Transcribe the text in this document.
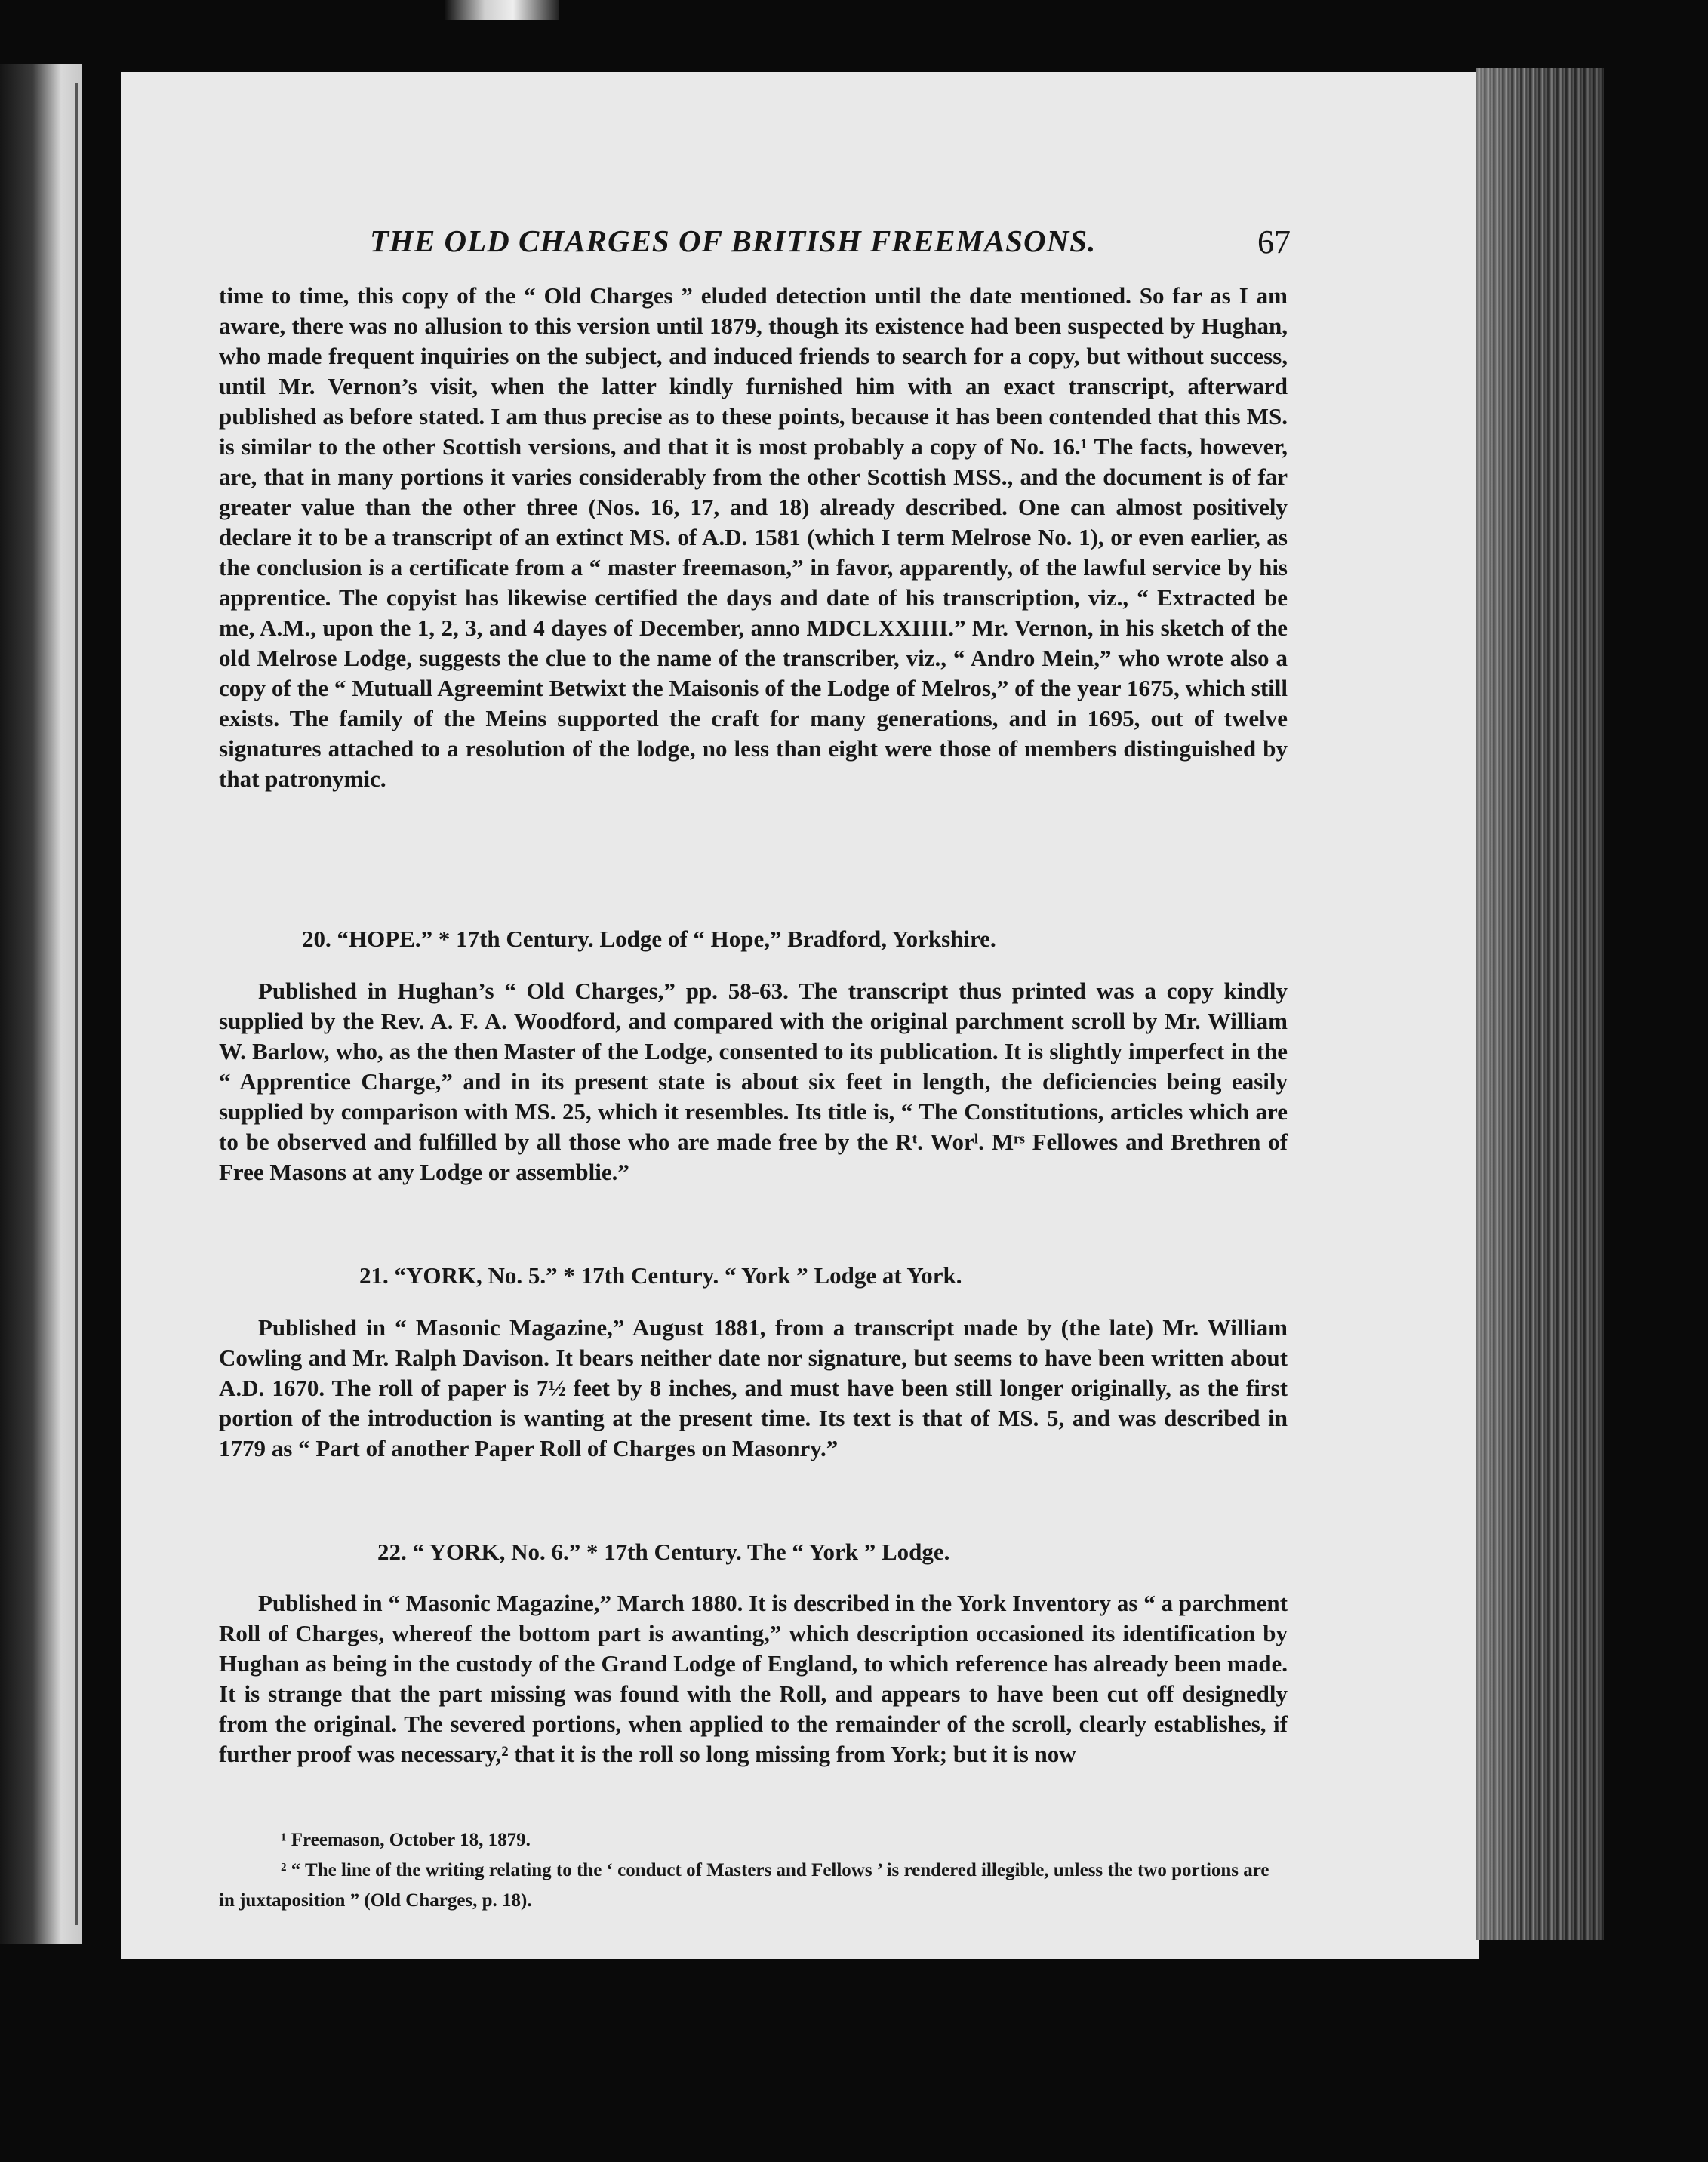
THE OLD CHARGES OF BRITISH FREEMASONS.	67
time to time, this copy of the “ Old Charges ” eluded detection until the date mentioned. So far as I am aware, there was no allusion to this version until 1879, though its existence had been suspected by Hughan, who made frequent inquiries on the subject, and induced friends to search for a copy, but without success, until Mr. Vernon’s visit, when the latter kindly furnished him with an exact transcript, afterward published as before stated. I am thus precise as to these points, because it has been contended that this MS. is similar to the other Scottish versions, and that it is most probably a copy of No. 16.¹ The facts, however, are, that in many portions it varies considerably from the other Scottish MSS., and the document is of far greater value than the other three (Nos. 16, 17, and 18) already described. One can almost positively declare it to be a transcript of an extinct MS. of A.D. 1581 (which I term Melrose No. 1), or even earlier, as the conclusion is a certificate from a “ master freemason,” in favor, apparently, of the lawful service by his apprentice. The copyist has likewise certified the days and date of his transcription, viz., “ Extracted be me, A.M., upon the 1, 2, 3, and 4 dayes of December, anno MDCLXXIIII.” Mr. Vernon, in his sketch of the old Melrose Lodge, suggests the clue to the name of the transcriber, viz., “ Andro Mein,” who wrote also a copy of the “ Mutuall Agreemint Betwixt the Maisonis of the Lodge of Melros,” of the year 1675, which still exists. The family of the Meins supported the craft for many generations, and in 1695, out of twelve signatures attached to a resolution of the lodge, no less than eight were those of members distinguished by that patronymic.
20. “HOPE.” * 17th Century. Lodge of “ Hope,” Bradford, Yorkshire.
Published in Hughan’s “ Old Charges,” pp. 58-63. The transcript thus printed was a copy kindly supplied by the Rev. A. F. A. Woodford, and compared with the original parchment scroll by Mr. William W. Barlow, who, as the then Master of the Lodge, consented to its publication. It is slightly imperfect in the “ Apprentice Charge,” and in its present state is about six feet in length, the deficiencies being easily supplied by comparison with MS. 25, which it resembles. Its title is, “ The Constitutions, articles which are to be observed and fulfilled by all those who are made free by the Rᵗ. Worˡ. Mʳˢ Fellowes and Brethren of Free Masons at any Lodge or assemblie.”
21. “YORK, No. 5.” * 17th Century. “ York ” Lodge at York.
Published in “ Masonic Magazine,” August 1881, from a transcript made by (the late) Mr. William Cowling and Mr. Ralph Davison. It bears neither date nor signature, but seems to have been written about A.D. 1670. The roll of paper is 7½ feet by 8 inches, and must have been still longer originally, as the first portion of the introduction is wanting at the present time. Its text is that of MS. 5, and was described in 1779 as “ Part of another Paper Roll of Charges on Masonry.”
22. “ YORK, No. 6.” * 17th Century. The “ York ” Lodge.
Published in “ Masonic Magazine,” March 1880. It is described in the York Inventory as “ a parchment Roll of Charges, whereof the bottom part is awanting,” which description occasioned its identification by Hughan as being in the custody of the Grand Lodge of England, to which reference has already been made. It is strange that the part missing was found with the Roll, and appears to have been cut off designedly from the original. The severed portions, when applied to the remainder of the scroll, clearly establishes, if further proof was necessary,² that it is the roll so long missing from York; but it is now
¹ Freemason, October 18, 1879.
² “ The line of the writing relating to the ‘ conduct of Masters and Fellows ’ is rendered illegible, unless the two portions are in juxtaposition ” (Old Charges, p. 18).
